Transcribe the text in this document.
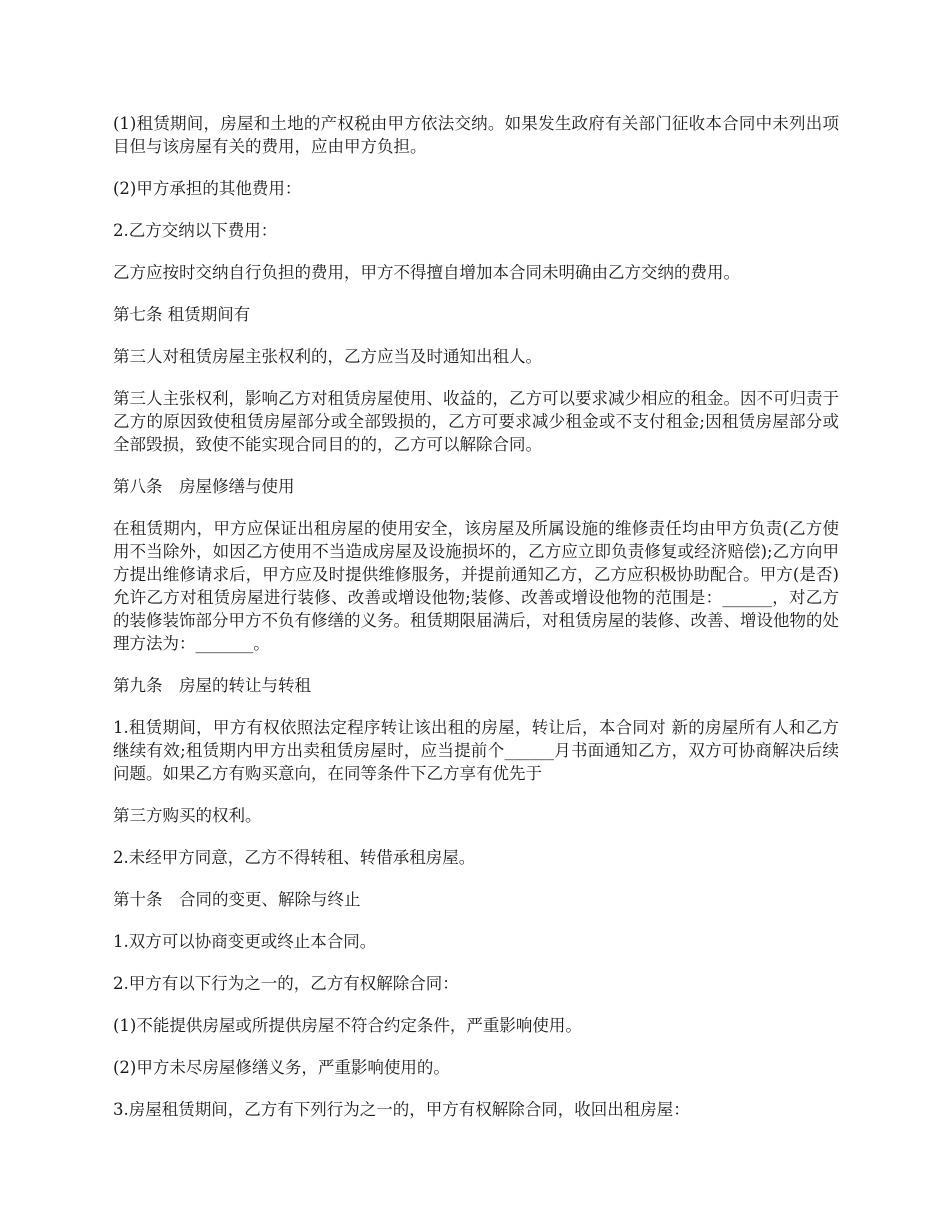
(1)租赁期间，房屋和土地的产权税由甲方依法交纳。如果发生政府有关部门征收本合同中未列出项目但与该房屋有关的费用，应由甲方负担。

(2)甲方承担的其他费用：

2.乙方交纳以下费用：

乙方应按时交纳自行负担的费用，甲方不得擅自增加本合同未明确由乙方交纳的费用。

第七条 租赁期间有

第三人对租赁房屋主张权利的，乙方应当及时通知出租人。

第三人主张权利，影响乙方对租赁房屋使用、收益的，乙方可以要求减少相应的租金。因不可归责于乙方的原因致使租赁房屋部分或全部毁损的，乙方可要求减少租金或不支付租金;因租赁房屋部分或全部毁损，致使不能实现合同目的的，乙方可以解除合同。

第八条　房屋修缮与使用

在租赁期内，甲方应保证出租房屋的使用安全，该房屋及所属设施的维修责任均由甲方负责(乙方使用不当除外，如因乙方使用不当造成房屋及设施损坏的，乙方应立即负责修复或经济赔偿);乙方向甲方提出维修请求后，甲方应及时提供维修服务，并提前通知乙方，乙方应积极协助配合。甲方(是否)允许乙方对租赁房屋进行装修、改善或增设他物;装修、改善或增设他物的范围是：______，对乙方的装修装饰部分甲方不负有修缮的义务。租赁期限届满后，对租赁房屋的装修、改善、增设他物的处理方法为：_______。

第九条　房屋的转让与转租

1.租赁期间，甲方有权依照法定程序转让该出租的房屋，转让后，本合同对 新的房屋所有人和乙方继续有效;租赁期内甲方出卖租赁房屋时，应当提前个______月书面通知乙方，双方可协商解决后续问题。如果乙方有购买意向，在同等条件下乙方享有优先于

第三方购买的权利。

2.未经甲方同意，乙方不得转租、转借承租房屋。

第十条　合同的变更、解除与终止

1.双方可以协商变更或终止本合同。

2.甲方有以下行为之一的，乙方有权解除合同：

(1)不能提供房屋或所提供房屋不符合约定条件，严重影响使用。

(2)甲方未尽房屋修缮义务，严重影响使用的。

3.房屋租赁期间，乙方有下列行为之一的，甲方有权解除合同，收回出租房屋：
